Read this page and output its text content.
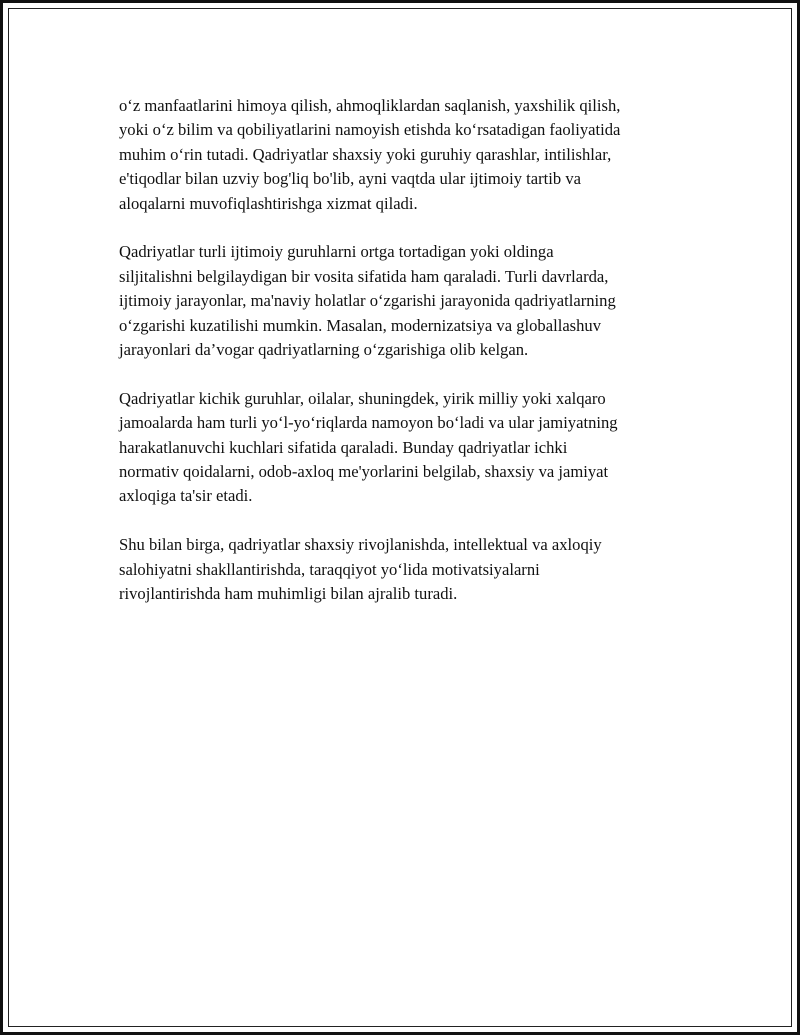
o‘z manfaatlarini himoya qilish, ahmoqliklardan saqlanish, yaxshilik qilish,
yoki o‘z bilim va qobiliyatlarini namoyish etishda ko‘rsatadigan faoliyatida
muhim o‘rin tutadi. Qadriyatlar shaxsiy yoki guruhiy qarashlar, intilishlar,
e'tiqodlar bilan uzviy bog'liq bo'lib, ayni vaqtda ular ijtimoiy tartib va
aloqalarni muvofiqlashtirishga xizmat qiladi.

Qadriyatlar turli ijtimoiy guruhlarni ortga tortadigan yoki oldinga
siljitalishni belgilaydigan bir vosita sifatida ham qaraladi. Turli davrlarda,
ijtimoiy jarayonlar, ma'naviy holatlar o‘zgarishi jarayonida qadriyatlarning
o‘zgarishi kuzatilishi mumkin. Masalan, modernizatsiya va globallashuv
jarayonlari da’vogar qadriyatlarning o‘zgarishiga olib kelgan.

Qadriyatlar kichik guruhlar, oilalar, shuningdek, yirik milliy yoki xalqaro
jamoalarda ham turli yo‘l-yo‘riqlarda namoyon bo‘ladi va ular jamiyatning
harakatlanuvchi kuchlari sifatida qaraladi. Bunday qadriyatlar ichki
normativ qoidalarni, odob-axloq me'yorlarini belgilab, shaxsiy va jamiyat
axloqiga ta'sir etadi.

Shu bilan birga, qadriyatlar shaxsiy rivojlanishda, intellektual va axloqiy
salohiyatni shakllantirishda, taraqqiyot yo‘lida motivatsiyalarni
rivojlantirishda ham muhimligi bilan ajralib turadi.
